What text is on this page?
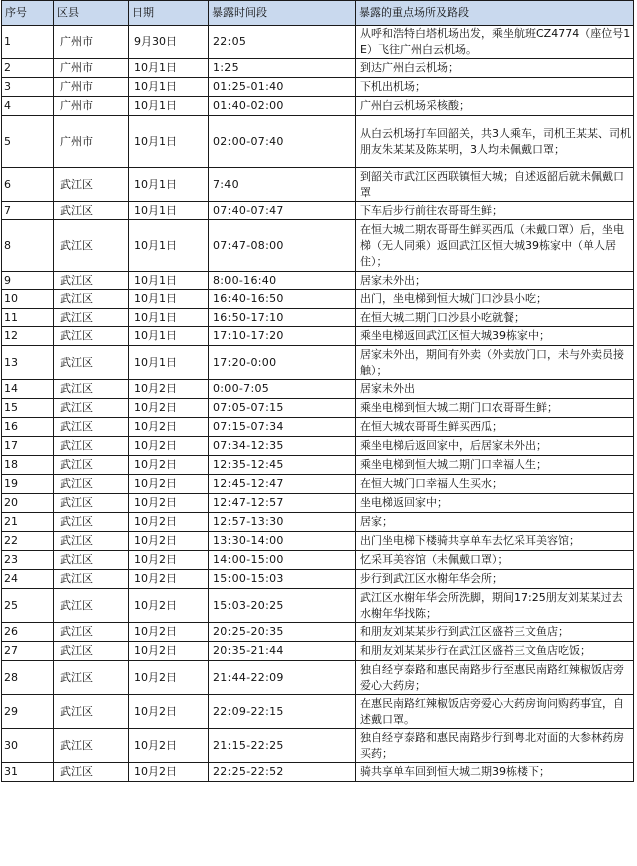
序号	区县	日期	暴露时间段	暴露的重点场所及路段
1	广州市	9月30日	22:05	从呼和浩特白塔机场出发，乘坐航班CZ4774（座位号1E）飞往广州白云机场。
2	广州市	10月1日	1:25	到达广州白云机场；
3	广州市	10月1日	01:25-01:40	下机出机场；
4	广州市	10月1日	01:40-02:00	广州白云机场采核酸；
5	广州市	10月1日	02:00-07:40	从白云机场打车回韶关，共3人乘车，司机王某某、司机朋友朱某某及陈某明，3人均未佩戴口罩；
6	武江区	10月1日	7:40	到韶关市武江区西联镇恒大城；自述返韶后就未佩戴口罩
7	武江区	10月1日	07:40-07:47	下车后步行前往农哥哥生鲜；
8	武江区	10月1日	07:47-08:00	在恒大城二期农哥哥生鲜买西瓜（未戴口罩）后，坐电梯（无人同乘）返回武江区恒大城39栋家中（单人居住）；
9	武江区	10月1日	8:00-16:40	居家未外出；
10	武江区	10月1日	16:40-16:50	出门，坐电梯到恒大城门口沙县小吃；
11	武江区	10月1日	16:50-17:10	在恒大城二期门口沙县小吃就餐；
12	武江区	10月1日	17:10-17:20	乘坐电梯返回武江区恒大城39栋家中；
13	武江区	10月1日	17:20-0:00	居家未外出，期间有外卖（外卖放门口，未与外卖员接触）；
14	武江区	10月2日	0:00-7:05	居家未外出
15	武江区	10月2日	07:05-07:15	乘坐电梯到恒大城二期门口农哥哥生鲜；
16	武江区	10月2日	07:15-07:34	在恒大城农哥哥生鲜买西瓜；
17	武江区	10月2日	07:34-12:35	乘坐电梯后返回家中，后居家未外出；
18	武江区	10月2日	12:35-12:45	乘坐电梯到恒大城二期门口幸福人生；
19	武江区	10月2日	12:45-12:47	在恒大城门口幸福人生买水；
20	武江区	10月2日	12:47-12:57	坐电梯返回家中；
21	武江区	10月2日	12:57-13:30	居家；
22	武江区	10月2日	13:30-14:00	出门坐电梯下楼骑共享单车去忆采耳美容馆；
23	武江区	10月2日	14:00-15:00	忆采耳美容馆（未佩戴口罩）；
24	武江区	10月2日	15:00-15:03	步行到武江区水榭年华会所；
25	武江区	10月2日	15:03-20:25	武江区水榭年华会所洗脚，期间17:25朋友刘某某过去水榭年华找陈；
26	武江区	10月2日	20:25-20:35	和朋友刘某某步行到武江区盛苔三文鱼店；
27	武江区	10月2日	20:35-21:44	和朋友刘某某步行在武江区盛苔三文鱼店吃饭；
28	武江区	10月2日	21:44-22:09	独自经亨泰路和惠民南路步行至惠民南路红辣椒饭店旁爱心大药房；
29	武江区	10月2日	22:09-22:15	在惠民南路红辣椒饭店旁爱心大药房询问购药事宜，自述戴口罩。
30	武江区	10月2日	21:15-22:25	独自经亨泰路和惠民南路步行到粤北对面的大参林药房买药；
31	武江区	10月2日	22:25-22:52	骑共享单车回到恒大城二期39栋楼下；
